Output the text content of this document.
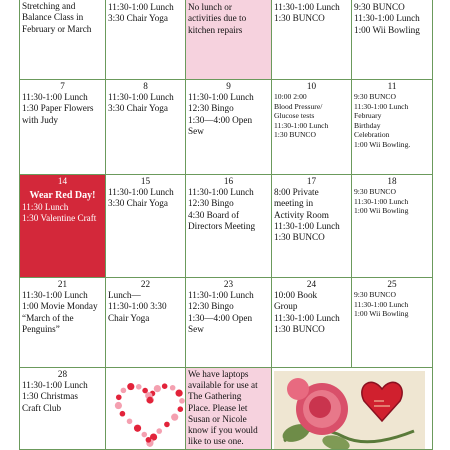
Stretching and
Balance Class in
February or March
11:30-1:00 Lunch
3:30 Chair Yoga
No lunch or
activities due to
kitchen repairs
11:30-1:00 Lunch
1:30 BUNCO
9:30 BUNCO
11:30-1:00 Lunch
1:00 Wii Bowling
7
11:30-1:00 Lunch
1:30 Paper Flowers
with Judy
8
11:30-1:00 Lunch
3:30 Chair Yoga
9
11:30-1:00 Lunch
12:30 Bingo
1:30—4:00 Open
Sew
10
10:00 2:00
Blood Pressure/
Glucose tests
11:30-1:00 Lunch
1:30 BUNCO
11
9:30 BUNCO
11:30-1:00 Lunch
February
Birthday
Celebration
1:00 Wii Bowling.
14
Wear Red Day!
11:30 Lunch
1:30 Valentine Craft
15
11:30-1:00 Lunch
3:30 Chair Yoga
16
11:30-1:00 Lunch
12:30 Bingo
4:30 Board of
Directors Meeting
17
8:00 Private
meeting in
Activity Room
11:30-1:00 Lunch
1:30 BUNCO
18
9:30 BUNCO
11:30-1:00 Lunch
1:00 Wii Bowling
21
11:30-1:00 Lunch
1:00 Movie Monday
“March of the
Penguins”
22
Lunch—
11:30-1:00 3:30
Chair Yoga
23
11:30-1:00 Lunch
12:30 Bingo
1:30—4:00 Open
Sew
24
10:00 Book
Group
11:30-1:00 Lunch
1:30 BUNCO
25
9:30 BUNCO
11:30-1:00 Lunch
1:00 Wii Bowling
28
11:30-1:00 Lunch
1:30 Christmas
Craft Club
We have laptops
available for use at
The Gathering
Place. Please let
Susan or Nicole
know if you would
like to use one.
